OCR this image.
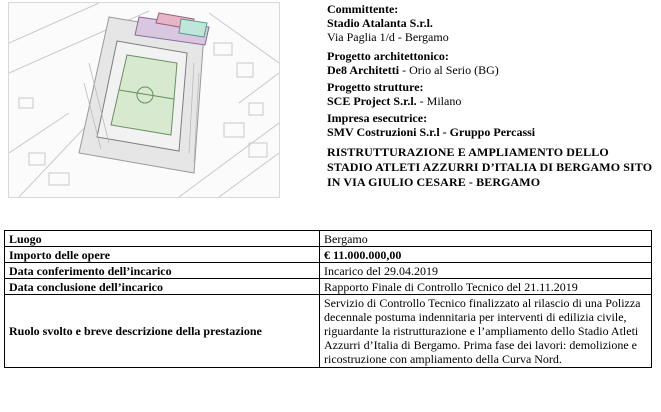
Committente:
Stadio Atalanta S.r.l.
Via Paglia 1/d - Bergamo
Progetto architettonico:
De8 Architetti - Orio al Serio (BG)
Progetto strutture:
SCE Project S.r.l. - Milano
Impresa esecutrice:
SMV Costruzioni S.r.l - Gruppo Percassi
RISTRUTTURAZIONE E AMPLIAMENTO DELLO STADIO ATLETI AZZURRI D’ITALIA DI BERGAMO SITO IN VIA GIULIO CESARE - BERGAMO
Luogo	Bergamo
Importo delle opere	€ 11.000.000,00
Data conferimento dell’incarico	Incarico del 29.04.2019
Data conclusione dell’incarico	Rapporto Finale di Controllo Tecnico del 21.11.2019
Ruolo svolto e breve descrizione della prestazione	Servizio di Controllo Tecnico finalizzato al rilascio di una Polizza decennale postuma indennitaria per interventi di edilizia civile, riguardante la ristrutturazione e l’ampliamento dello Stadio Atleti Azzurri d’Italia di Bergamo. Prima fase dei lavori: demolizione e ricostruzione con ampliamento della Curva Nord.
